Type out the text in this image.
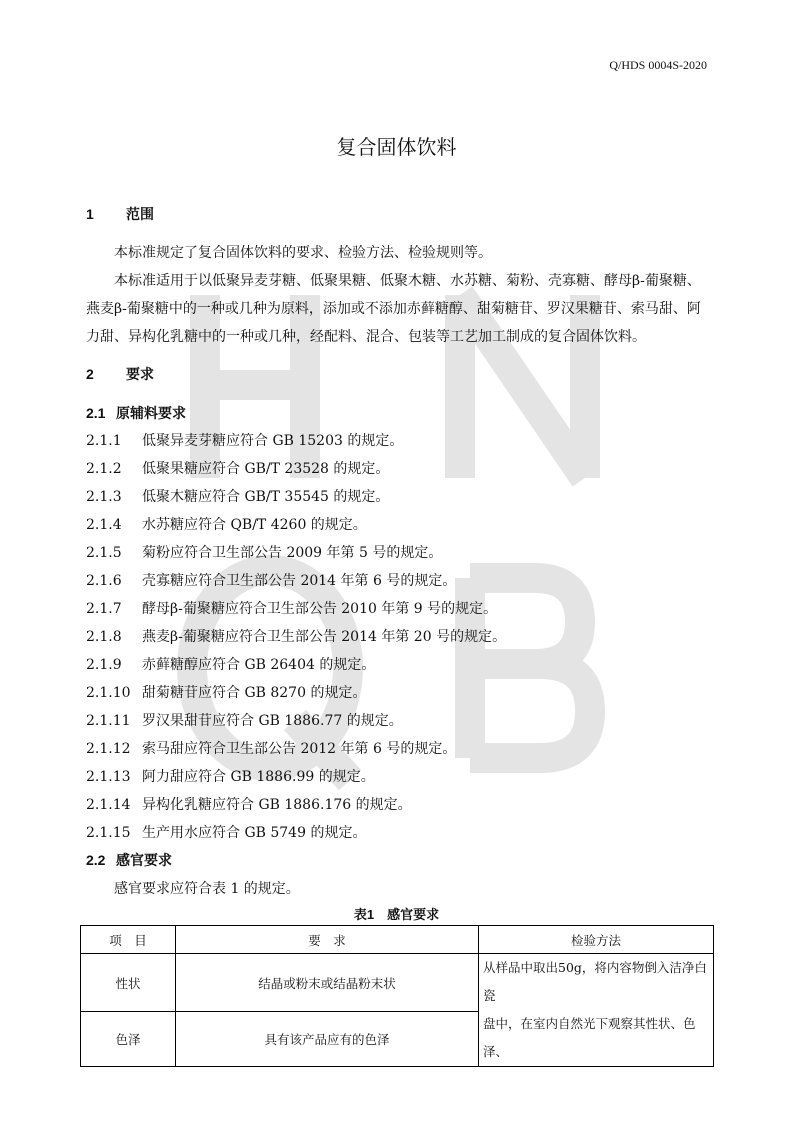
Q/HDS 0004S-2020
复合固体饮料
1 范围
本标准规定了复合固体饮料的要求、检验方法、检验规则等。
本标准适用于以低聚异麦芽糖、低聚果糖、低聚木糖、水苏糖、菊粉、壳寡糖、酵母β-葡聚糖、
燕麦β-葡聚糖中的一种或几种为原料，添加或不添加赤藓糖醇、甜菊糖苷、罗汉果糖苷、索马甜、阿
力甜、异构化乳糖中的一种或几种，经配料、混合、包装等工艺加工制成的复合固体饮料。
2 要求
2.1 原辅料要求
2.1.1 低聚异麦芽糖应符合 GB 15203 的规定。
2.1.2 低聚果糖应符合 GB/T 23528 的规定。
2.1.3 低聚木糖应符合 GB/T 35545 的规定。
2.1.4 水苏糖应符合 QB/T 4260 的规定。
2.1.5 菊粉应符合卫生部公告 2009 年第 5 号的规定。
2.1.6 壳寡糖应符合卫生部公告 2014 年第 6 号的规定。
2.1.7 酵母β-葡聚糖应符合卫生部公告 2010 年第 9 号的规定。
2.1.8 燕麦β-葡聚糖应符合卫生部公告 2014 年第 20 号的规定。
2.1.9 赤藓糖醇应符合 GB 26404 的规定。
2.1.10 甜菊糖苷应符合 GB 8270 的规定。
2.1.11 罗汉果甜苷应符合 GB 1886.77 的规定。
2.1.12 索马甜应符合卫生部公告 2012 年第 6 号的规定。
2.1.13 阿力甜应符合 GB 1886.99 的规定。
2.1.14 异构化乳糖应符合 GB 1886.176 的规定。
2.1.15 生产用水应符合 GB 5749 的规定。
2.2 感官要求
感官要求应符合表 1 的规定。
表1　感官要求
项　目	要　求	检验方法
性状	结晶或粉末或结晶粉末状	从样品中取出50g，将内容物倒入洁净白瓷
盘中，在室内自然光下观察其性状、色泽、

色泽	具有该产品应有的色泽	
